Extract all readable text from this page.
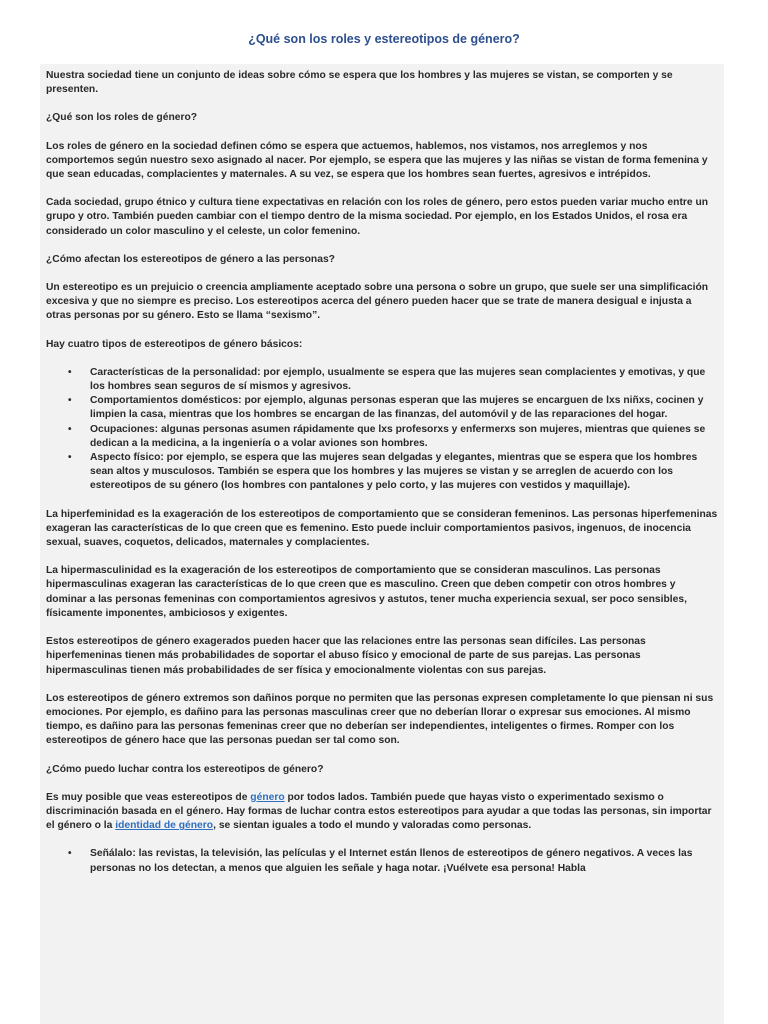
¿Qué son los roles y estereotipos de género?

Nuestra sociedad tiene un conjunto de ideas sobre cómo se espera que los hombres y las mujeres se vistan, se comporten y se presenten.

¿Qué son los roles de género?

Los roles de género en la sociedad definen cómo se espera que actuemos, hablemos, nos vistamos, nos arreglemos y nos comportemos según nuestro sexo asignado al nacer. Por ejemplo, se espera que las mujeres y las niñas se vistan de forma femenina y que sean educadas, complacientes y maternales. A su vez, se espera que los hombres sean fuertes, agresivos e intrépidos.

Cada sociedad, grupo étnico y cultura tiene expectativas en relación con los roles de género, pero estos pueden variar mucho entre un grupo y otro. También pueden cambiar con el tiempo dentro de la misma sociedad. Por ejemplo, en los Estados Unidos, el rosa era considerado un color masculino y el celeste, un color femenino.

¿Cómo afectan los estereotipos de género a las personas?

Un estereotipo es un prejuicio o creencia ampliamente aceptado sobre una persona o sobre un grupo, que suele ser una simplificación excesiva y que no siempre es preciso. Los estereotipos acerca del género pueden hacer que se trate de manera desigual e injusta a otras personas por su género. Esto se llama “sexismo”.

Hay cuatro tipos de estereotipos de género básicos:

• Características de la personalidad: por ejemplo, usualmente se espera que las mujeres sean complacientes y emotivas, y que los hombres sean seguros de sí mismos y agresivos.
• Comportamientos domésticos: por ejemplo, algunas personas esperan que las mujeres se encarguen de lxs niñxs, cocinen y limpien la casa, mientras que los hombres se encargan de las finanzas, del automóvil y de las reparaciones del hogar.
• Ocupaciones: algunas personas asumen rápidamente que lxs profesorxs y enfermerxs son mujeres, mientras que quienes se dedican a la medicina, a la ingeniería o a volar aviones son hombres.
• Aspecto físico: por ejemplo, se espera que las mujeres sean delgadas y elegantes, mientras que se espera que los hombres sean altos y musculosos. También se espera que los hombres y las mujeres se vistan y se arreglen de acuerdo con los estereotipos de su género (los hombres con pantalones y pelo corto, y las mujeres con vestidos y maquillaje).

La hiperfeminidad es la exageración de los estereotipos de comportamiento que se consideran femeninos. Las personas hiperfemeninas exageran las características de lo que creen que es femenino. Esto puede incluir comportamientos pasivos, ingenuos, de inocencia sexual, suaves, coquetos, delicados, maternales y complacientes.

La hipermasculinidad es la exageración de los estereotipos de comportamiento que se consideran masculinos. Las personas hipermasculinas exageran las características de lo que creen que es masculino. Creen que deben competir con otros hombres y dominar a las personas femeninas con comportamientos agresivos y astutos, tener mucha experiencia sexual, ser poco sensibles, físicamente imponentes, ambiciosos y exigentes.

Estos estereotipos de género exagerados pueden hacer que las relaciones entre las personas sean difíciles. Las personas hiperfemeninas tienen más probabilidades de soportar el abuso físico y emocional de parte de sus parejas. Las personas hipermasculinas tienen más probabilidades de ser física y emocionalmente violentas con sus parejas.

Los estereotipos de género extremos son dañinos porque no permiten que las personas expresen completamente lo que piensan ni sus emociones. Por ejemplo, es dañino para las personas masculinas creer que no deberían llorar o expresar sus emociones. Al mismo tiempo, es dañino para las personas femeninas creer que no deberían ser independientes, inteligentes o firmes. Romper con los estereotipos de género hace que las personas puedan ser tal como son.

¿Cómo puedo luchar contra los estereotipos de género?

Es muy posible que veas estereotipos de género por todos lados. También puede que hayas visto o experimentado sexismo o discriminación basada en el género. Hay formas de luchar contra estos estereotipos para ayudar a que todas las personas, sin importar el género o la identidad de género, se sientan iguales a todo el mundo y valoradas como personas.

• Señálalo: las revistas, la televisión, las películas y el Internet están llenos de estereotipos de género negativos. A veces las personas no los detectan, a menos que alguien les señale y haga notar. ¡Vuélvete esa persona! Habla
